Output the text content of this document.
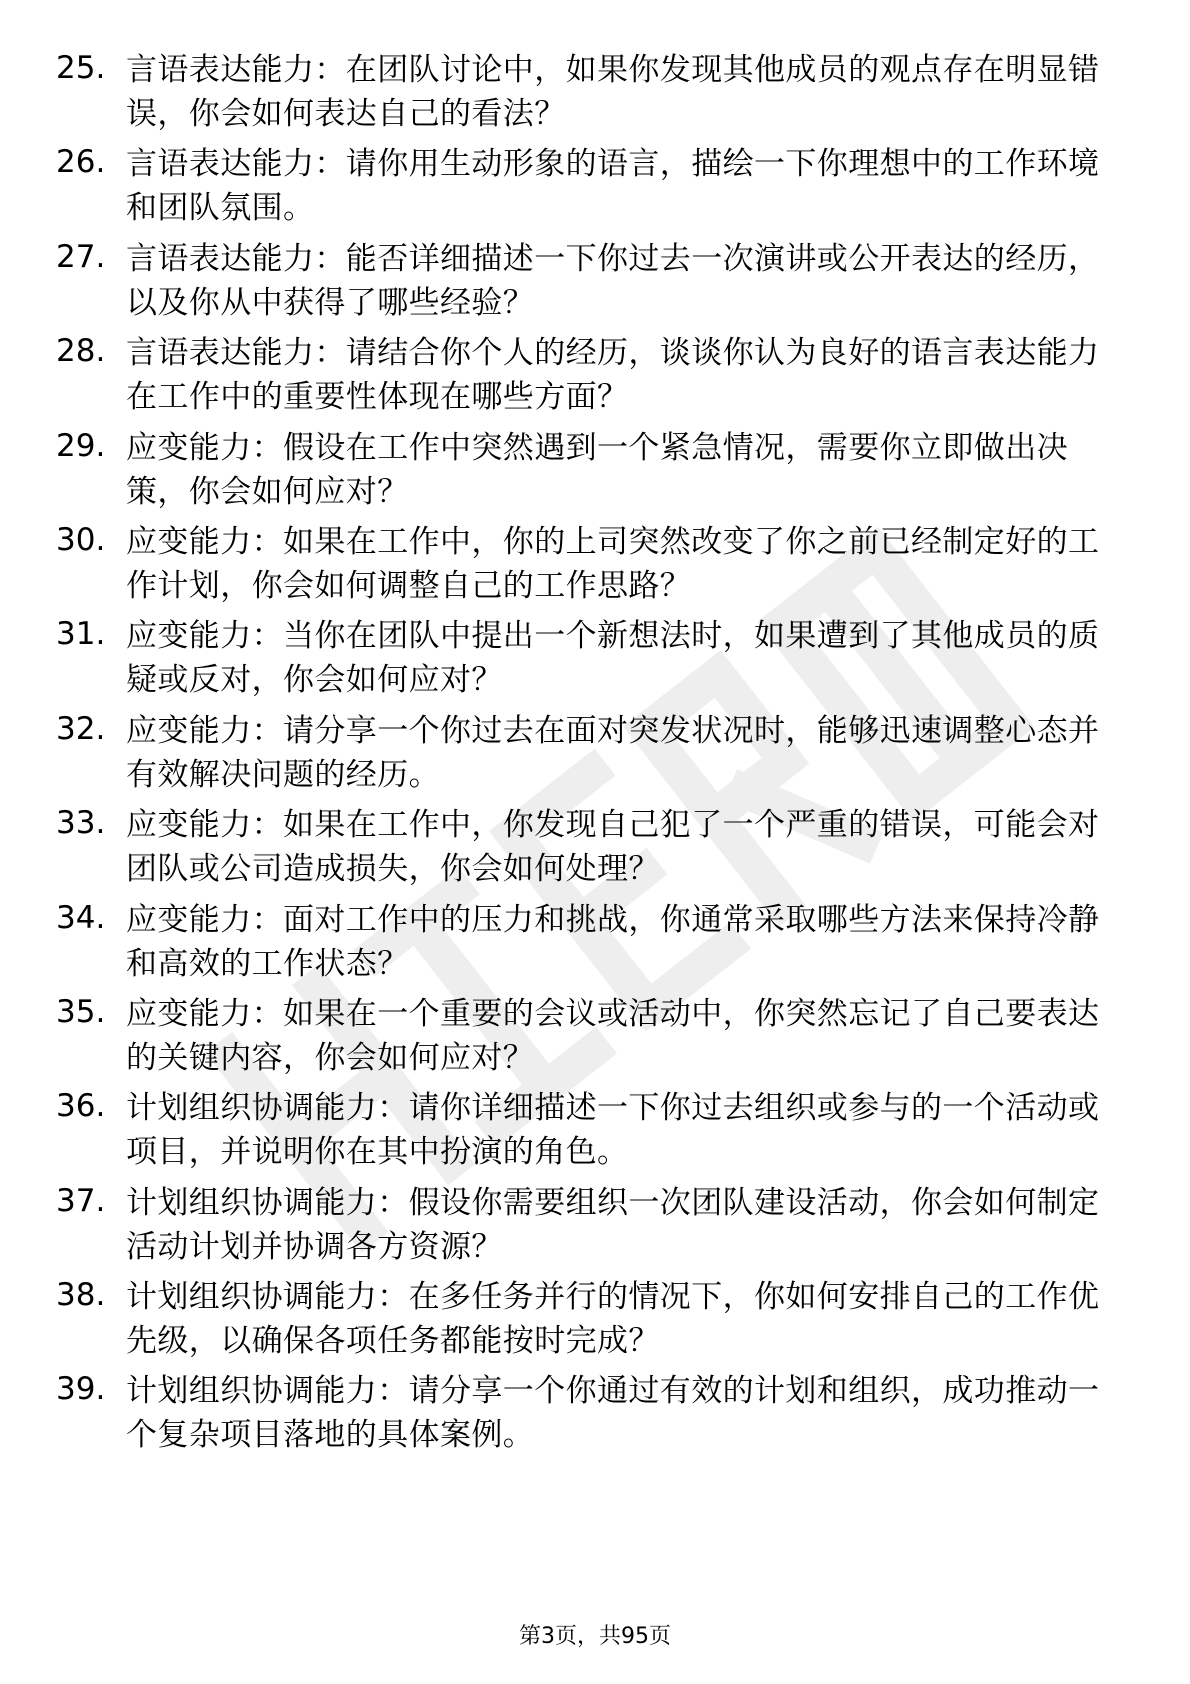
25. 言语表达能力：在团队讨论中，如果你发现其他成员的观点存在明显错误，你会如何表达自己的看法？
26. 言语表达能力：请你用生动形象的语言，描绘一下你理想中的工作环境和团队氛围。
27. 言语表达能力：能否详细描述一下你过去一次演讲或公开表达的经历，以及你从中获得了哪些经验？
28. 言语表达能力：请结合你个人的经历，谈谈你认为良好的语言表达能力在工作中的重要性体现在哪些方面？
29. 应变能力：假设在工作中突然遇到一个紧急情况，需要你立即做出决策，你会如何应对？
30. 应变能力：如果在工作中，你的上司突然改变了你之前已经制定好的工作计划，你会如何调整自己的工作思路？
31. 应变能力：当你在团队中提出一个新想法时，如果遭到了其他成员的质疑或反对，你会如何应对？
32. 应变能力：请分享一个你过去在面对突发状况时，能够迅速调整心态并有效解决问题的经历。
33. 应变能力：如果在工作中，你发现自己犯了一个严重的错误，可能会对团队或公司造成损失，你会如何处理？
34. 应变能力：面对工作中的压力和挑战，你通常采取哪些方法来保持冷静和高效的工作状态？
35. 应变能力：如果在一个重要的会议或活动中，你突然忘记了自己要表达的关键内容，你会如何应对？
36. 计划组织协调能力：请你详细描述一下你过去组织或参与的一个活动或项目，并说明你在其中扮演的角色。
37. 计划组织协调能力：假设你需要组织一次团队建设活动，你会如何制定活动计划并协调各方资源？
38. 计划组织协调能力：在多任务并行的情况下，你如何安排自己的工作优先级，以确保各项任务都能按时完成？
39. 计划组织协调能力：请分享一个你通过有效的计划和组织，成功推动一个复杂项目落地的具体案例。
第3页，共95页
